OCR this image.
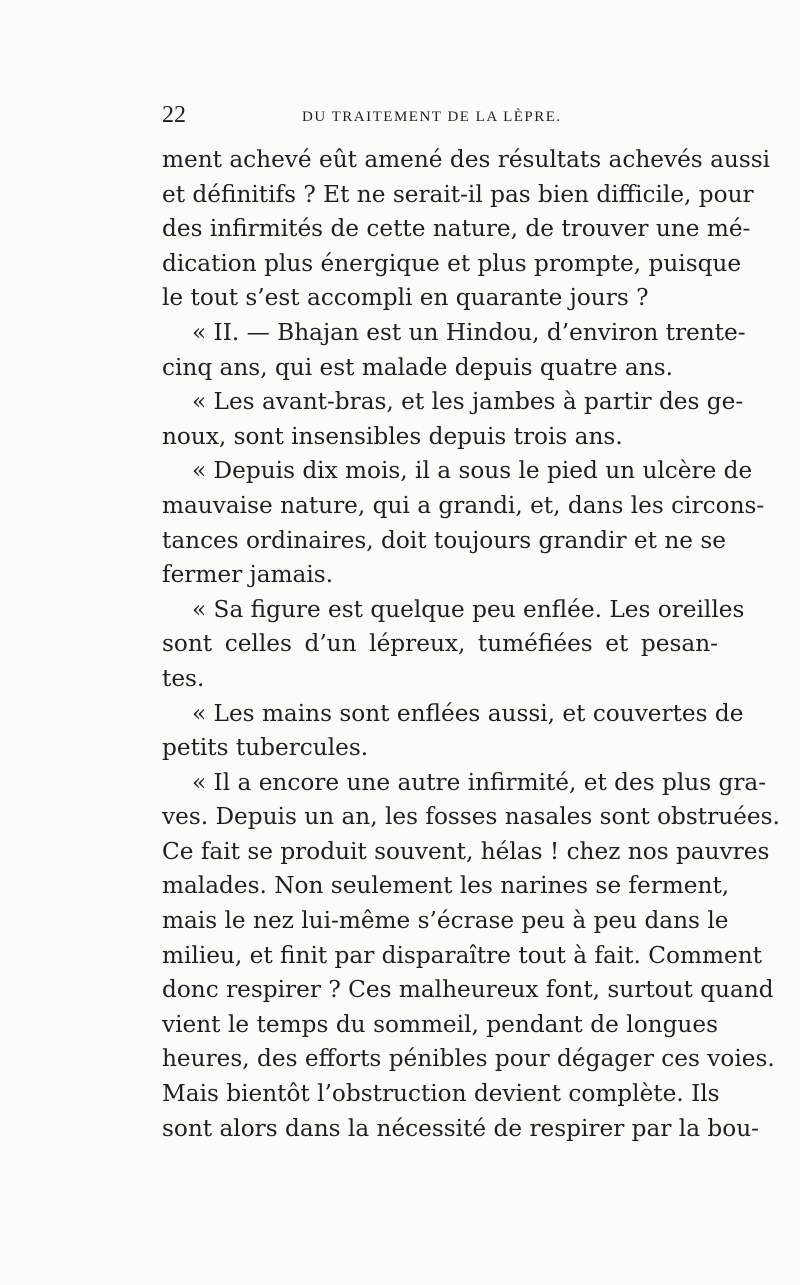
22	DU TRAITEMENT DE LA LÈPRE.
ment achevé eût amené des résultats achevés aussi
et définitifs ? Et ne serait-il pas bien difficile, pour
des infirmités de cette nature, de trouver une mé-
dication plus énergique et plus prompte, puisque
le tout s’est accompli en quarante jours ?
« II. — Bhajan est un Hindou, d’environ trente-
cinq ans, qui est malade depuis quatre ans.
« Les avant-bras, et les jambes à partir des ge-
noux, sont insensibles depuis trois ans.
« Depuis dix mois, il a sous le pied un ulcère de
mauvaise nature, qui a grandi, et, dans les circons-
tances ordinaires, doit toujours grandir et ne se
fermer jamais.
« Sa figure est quelque peu enflée. Les oreilles
sont celles d’un lépreux, tuméfiées et pesan-
tes.
« Les mains sont enflées aussi, et couvertes de
petits tubercules.
« Il a encore une autre infirmité, et des plus gra-
ves. Depuis un an, les fosses nasales sont obstruées.
Ce fait se produit souvent, hélas ! chez nos pauvres
malades. Non seulement les narines se ferment,
mais le nez lui-même s’écrase peu à peu dans le
milieu, et finit par disparaître tout à fait. Comment
donc respirer ? Ces malheureux font, surtout quand
vient le temps du sommeil, pendant de longues
heures, des efforts pénibles pour dégager ces voies.
Mais bientôt l’obstruction devient complète. Ils
sont alors dans la nécessité de respirer par la bou-
